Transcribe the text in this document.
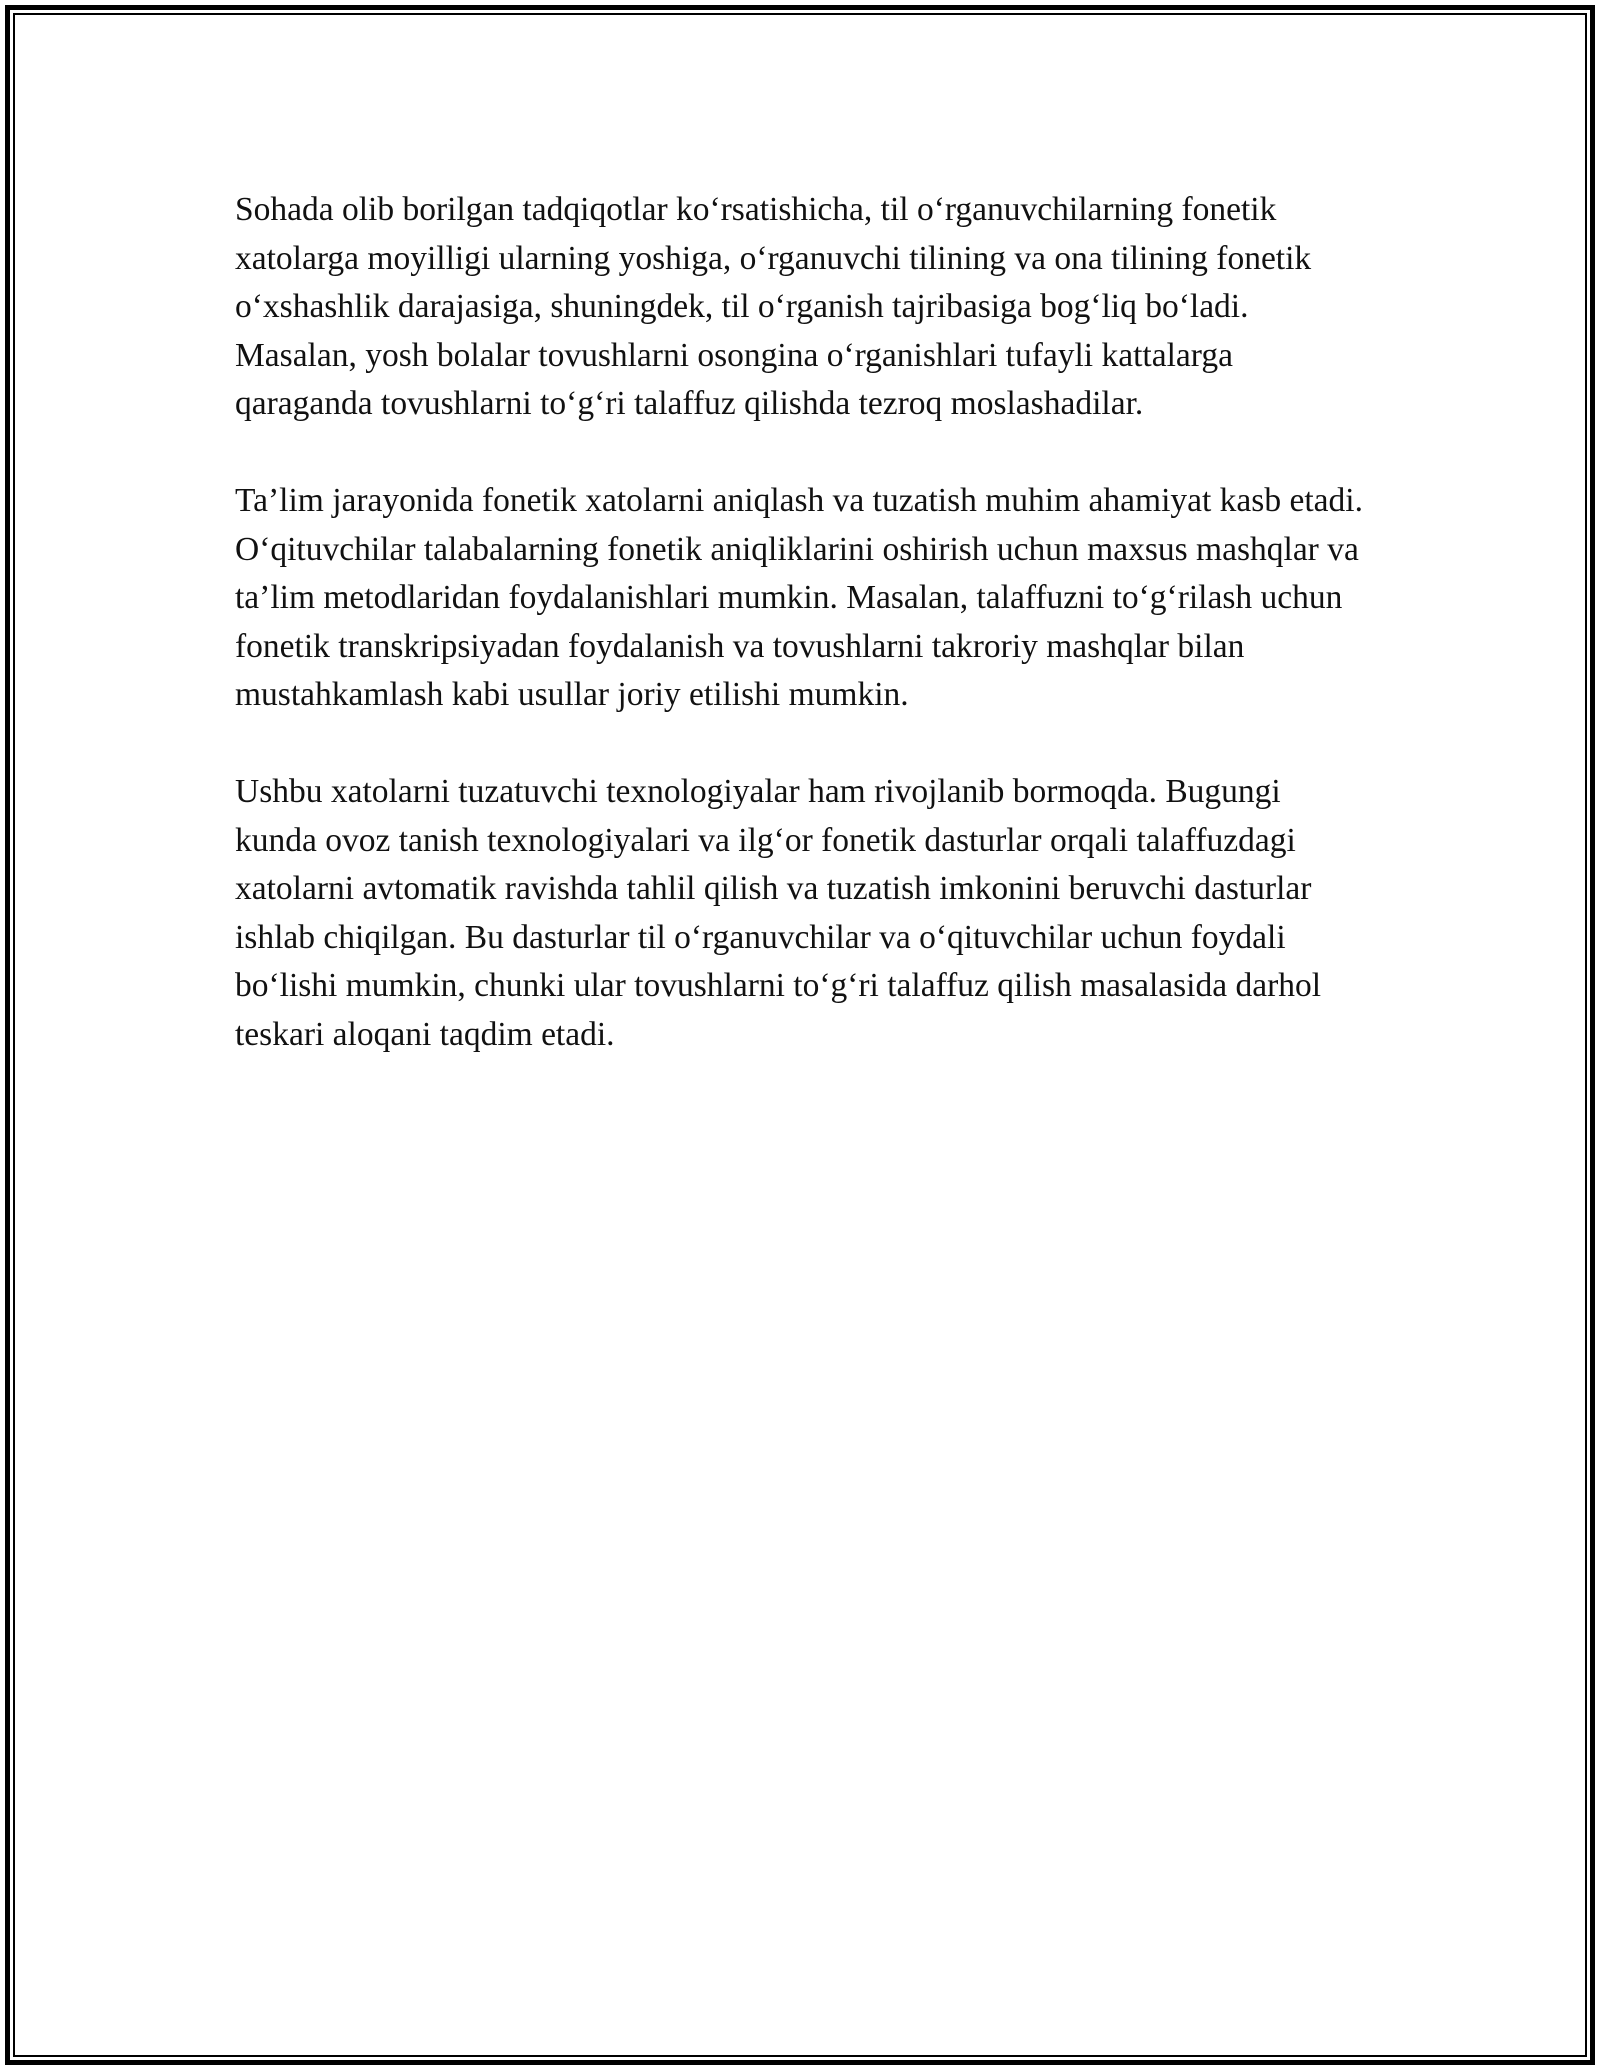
Sohada olib borilgan tadqiqotlar ko‘rsatishicha, til o‘rganuvchilarning fonetik xatolarga moyilligi ularning yoshiga, o‘rganuvchi tilining va ona tilining fonetik o‘xshashlik darajasiga, shuningdek, til o‘rganish tajribasiga bog‘liq bo‘ladi. Masalan, yosh bolalar tovushlarni osongina o‘rganishlari tufayli kattalarga qaraganda tovushlarni to‘g‘ri talaffuz qilishda tezroq moslashadilar.

Ta’lim jarayonida fonetik xatolarni aniqlash va tuzatish muhim ahamiyat kasb etadi. O‘qituvchilar talabalarning fonetik aniqliklarini oshirish uchun maxsus mashqlar va ta’lim metodlaridan foydalanishlari mumkin. Masalan, talaffuzni to‘g‘rilash uchun fonetik transkripsiyadan foydalanish va tovushlarni takroriy mashqlar bilan mustahkamlash kabi usullar joriy etilishi mumkin.

Ushbu xatolarni tuzatuvchi texnologiyalar ham rivojlanib bormoqda. Bugungi kunda ovoz tanish texnologiyalari va ilg‘or fonetik dasturlar orqali talaffuzdagi xatolarni avtomatik ravishda tahlil qilish va tuzatish imkonini beruvchi dasturlar ishlab chiqilgan. Bu dasturlar til o‘rganuvchilar va o‘qituvchilar uchun foydali bo‘lishi mumkin, chunki ular tovushlarni to‘g‘ri talaffuz qilish masalasida darhol teskari aloqani taqdim etadi.
